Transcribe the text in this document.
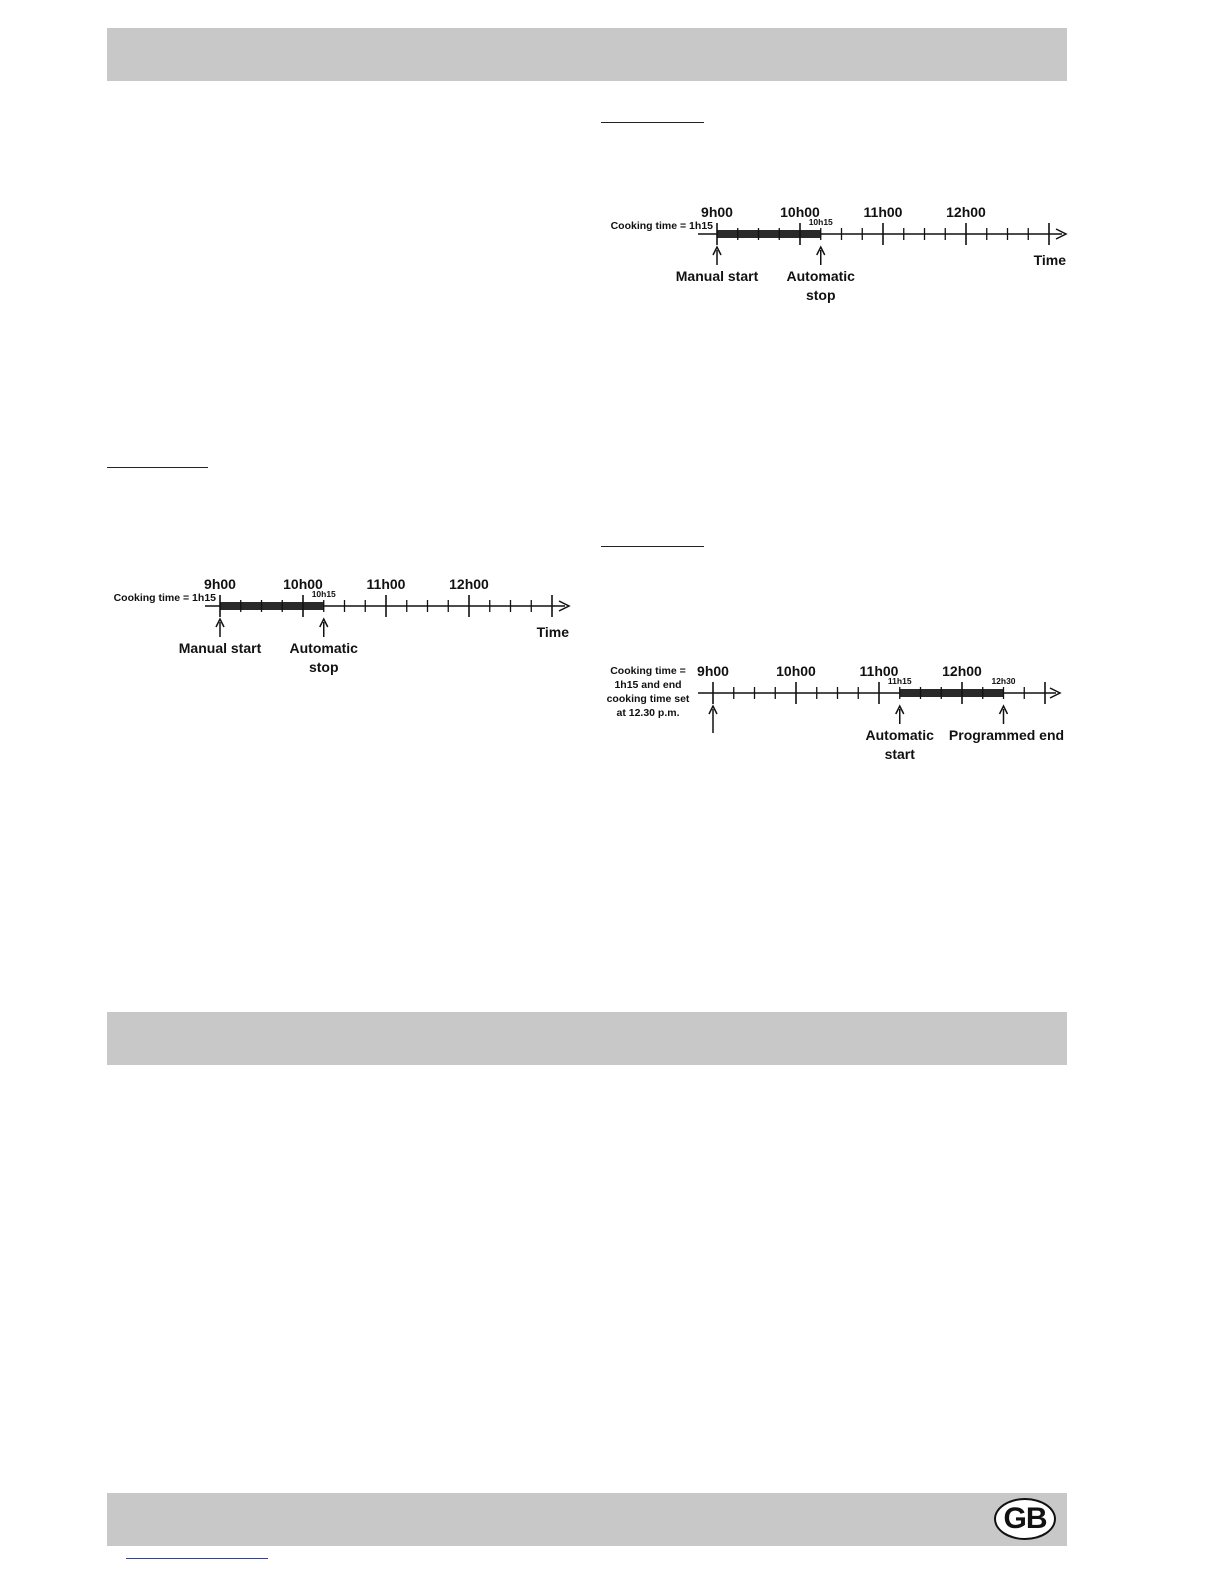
9h00	10h00	11h00	12h00
10h15
Cooking time = 1h15
Time
Manual start Automatic
stop
9h00	10h00	11h00	12h00
10h15
Cooking time = 1h15
Time
Manual start Automatic
stop	9h00	10h00	11h00	12h00
11h15	12h30
Cooking time =
1h15 and end
cooking time set
at 12.30 p.m.
Automatic
start
Programmed end
GB
